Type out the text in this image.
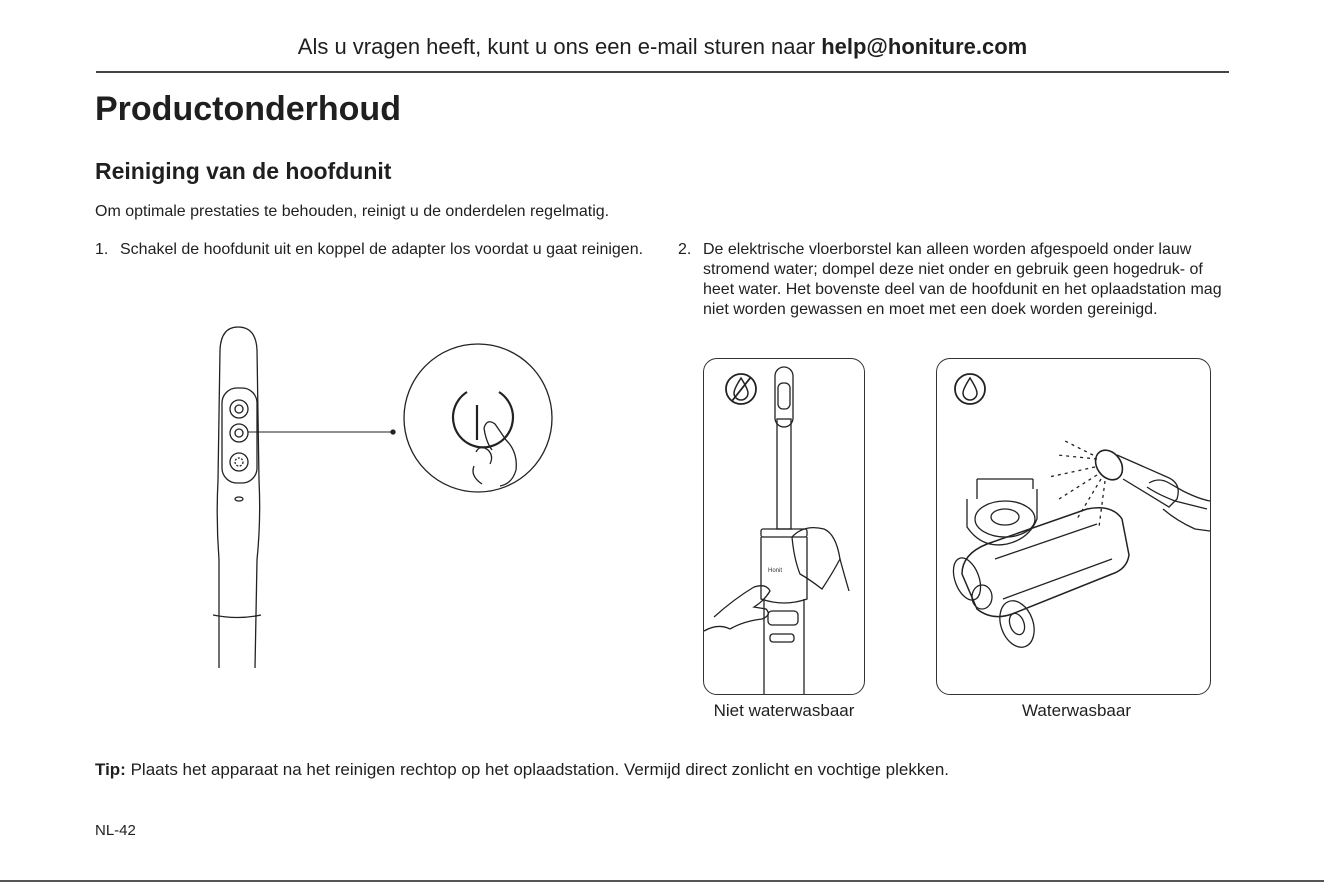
Als u vragen heeft, kunt u ons een e-mail sturen naar help@honiture.com
Productonderhoud
Reiniging van de hoofdunit
Om optimale prestaties te behouden, reinigt u de onderdelen regelmatig.
1. Schakel de hoofdunit uit en koppel de adapter los voordat u gaat reinigen.	2. De elektrische vloerborstel kan alleen worden afgespoeld onder lauw stromend water; dompel deze niet onder en gebruik geen hogedruk- of heet water. Het bovenste deel van de hoofdunit en het oplaadstation mag niet worden gewassen en moet met een doek worden gereinigd.
Honit
Niet waterwasbaar	Waterwasbaar
Tip: Plaats het apparaat na het reinigen rechtop op het oplaadstation. Vermijd direct zonlicht en vochtige plekken.
NL-42
